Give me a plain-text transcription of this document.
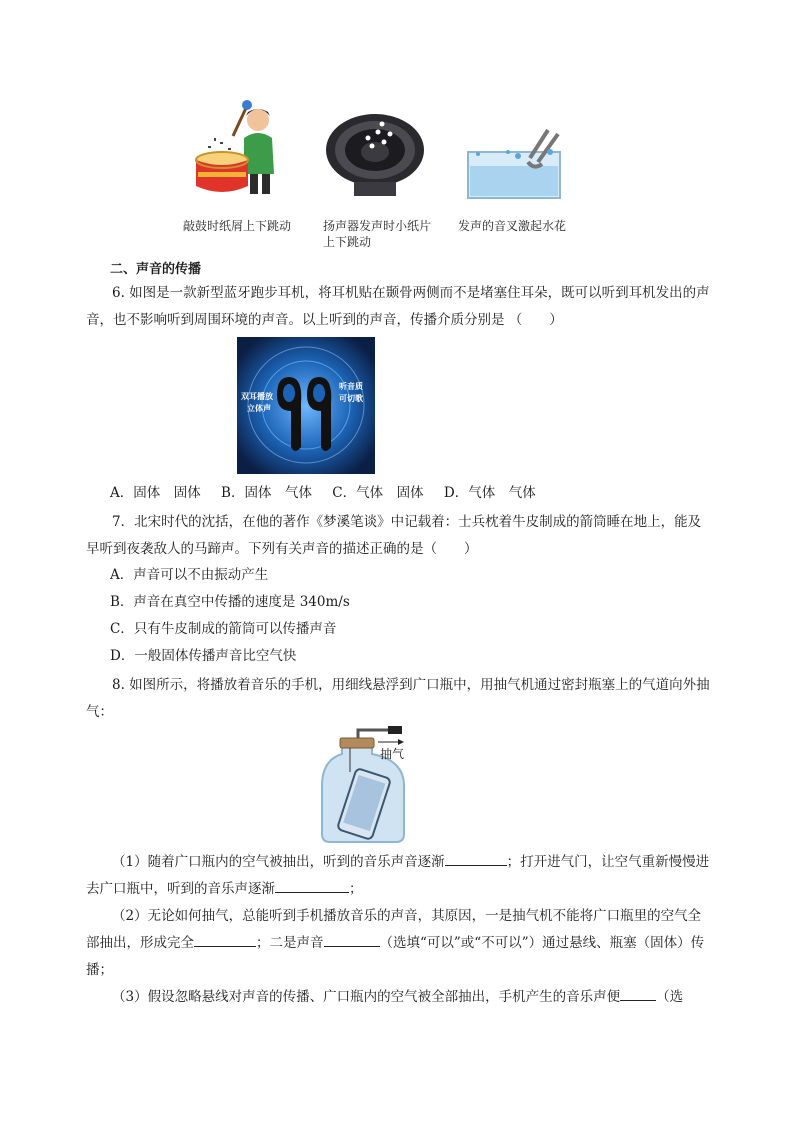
敲鼓时纸屑上下跳动	扬声器发声时小纸片
上下跳动
发声的音叉激起水花
二、声音的传播
6. 如图是一款新型蓝牙跑步耳机，将耳机贴在颞骨两侧而不是堵塞住耳朵，既可以听到耳机发出的声音，也不影响听到周围环境的声音。以上听到的声音，传播介质分别是 （　　）
双耳播放
立体声
听音质
可切歌
A．固体　固体 B．固体　气体 C．气体　固体 D．气体　气体
7．北宋时代的沈括，在他的著作《梦溪笔谈》中记载着：士兵枕着牛皮制成的箭筒睡在地上，能及早听到夜袭敌人的马蹄声。下列有关声音的描述正确的是（　　）
A．声音可以不由振动产生
B．声音在真空中传播的速度是 340m/s
C．只有牛皮制成的箭筒可以传播声音
D．一般固体传播声音比空气快
8. 如图所示，将播放着音乐的手机，用细线悬浮到广口瓶中，用抽气机通过密封瓶塞上的气道向外抽气：
抽气
（1）随着广口瓶内的空气被抽出，听到的音乐声音逐渐	；打开进气门，让空气重新慢慢进去广口瓶中，听到的音乐声逐渐	；
（2）无论如何抽气，总能听到手机播放音乐的声音，其原因，一是抽气机不能将广口瓶里的空气全部抽出，形成完全	；二是声音	（选填“可以”或“不可以”）通过悬线、瓶塞（固体）传播；
（3）假设忽略悬线对声音的传播、广口瓶内的空气被全部抽出，手机产生的音乐声便	（选
